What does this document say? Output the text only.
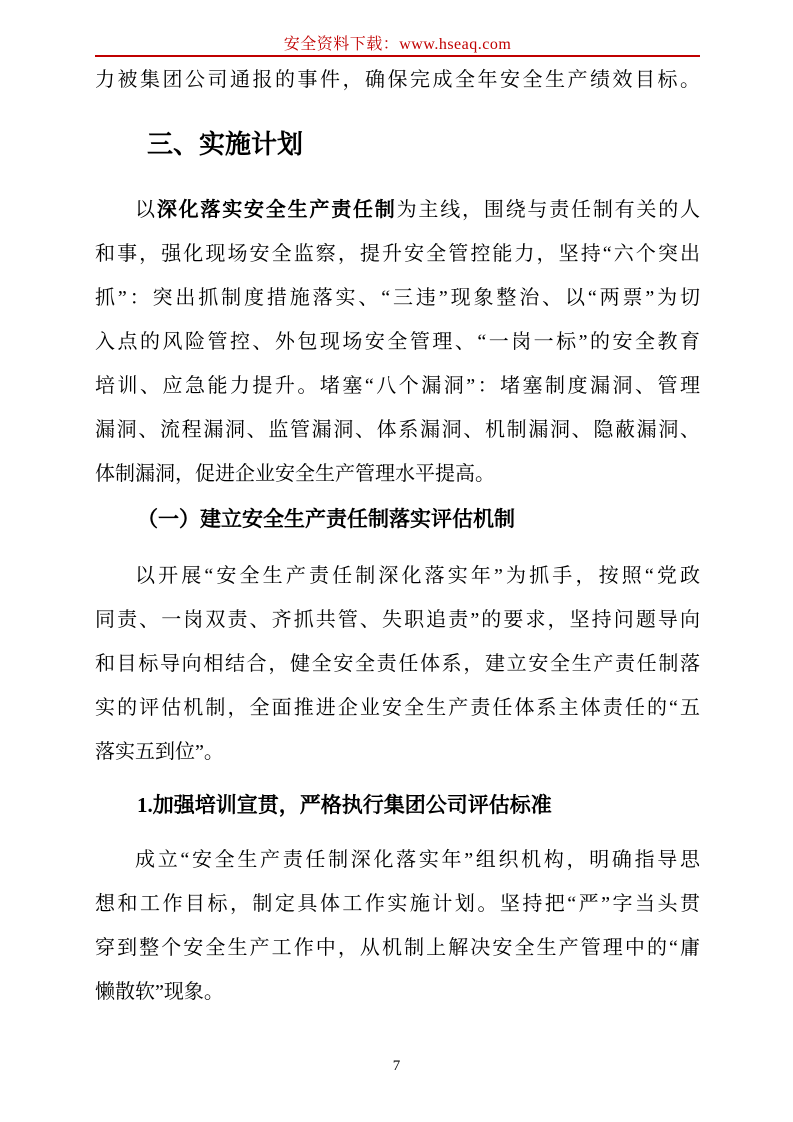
安全资料下载：www.hseaq.com
力被集团公司通报的事件，确保完成全年安全生产绩效目标。
三、实施计划
以深化落实安全生产责任制为主线，围绕与责任制有关的人
和事，强化现场安全监察，提升安全管控能力，坚持“六个突出
抓”：突出抓制度措施落实、“三违”现象整治、以“两票”为切
入点的风险管控、外包现场安全管理、“一岗一标”的安全教育
培训、应急能力提升。堵塞“八个漏洞”：堵塞制度漏洞、管理
漏洞、流程漏洞、监管漏洞、体系漏洞、机制漏洞、隐蔽漏洞、
体制漏洞，促进企业安全生产管理水平提高。
（一）建立安全生产责任制落实评估机制
以开展“安全生产责任制深化落实年”为抓手，按照“党政
同责、一岗双责、齐抓共管、失职追责”的要求，坚持问题导向
和目标导向相结合，健全安全责任体系，建立安全生产责任制落
实的评估机制，全面推进企业安全生产责任体系主体责任的“五
落实五到位”。
1.加强培训宣贯，严格执行集团公司评估标准
成立“安全生产责任制深化落实年”组织机构，明确指导思
想和工作目标，制定具体工作实施计划。坚持把“严”字当头贯
穿到整个安全生产工作中，从机制上解决安全生产管理中的“庸
懒散软”现象。
7
